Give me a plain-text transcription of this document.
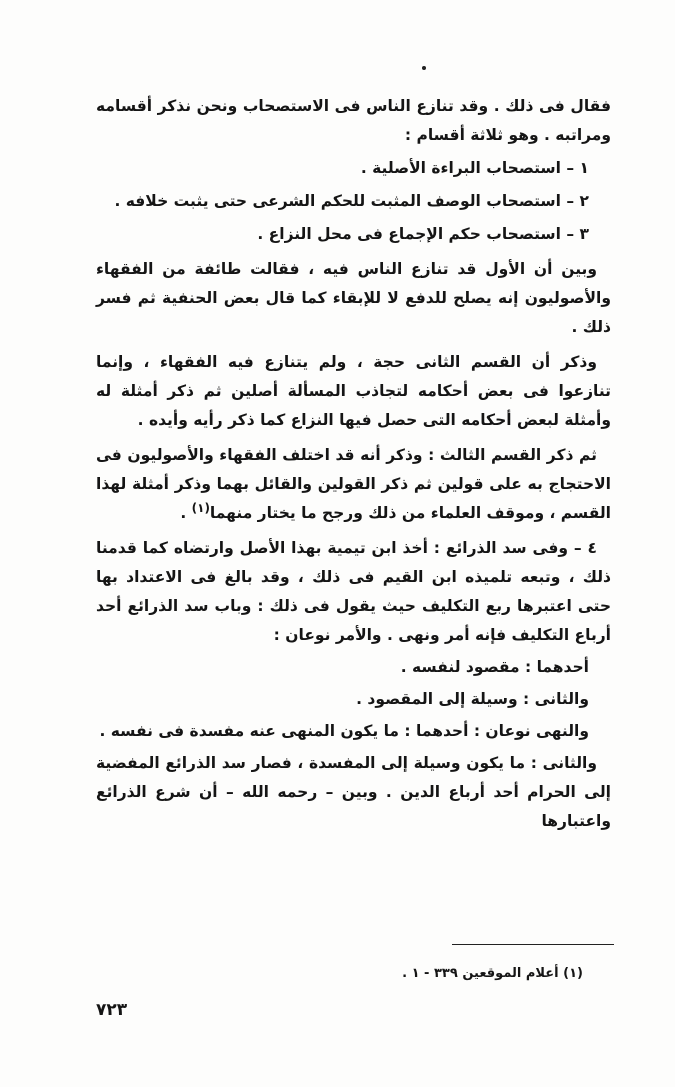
فقال فى ذلك . وقد تنازع الناس فى الاستصحاب ونحن نذكر أقسامه ومراتبه . وهو ثلاثة أقسام :

١ – استصحاب البراءة الأصلية .

٢ – استصحاب الوصف المثبت للحكم الشرعى حتى يثبت خلافه .

٣ – استصحاب حكم الإجماع فى محل النزاع .

وبين أن الأول قد تنازع الناس فيه ، فقالت طائفة من الفقهاء والأصوليون إنه يصلح للدفع لا للإبقاء كما قال بعض الحنفية ثم فسر ذلك .

وذكر أن القسم الثانى حجة ، ولم يتنازع فيه الفقهاء ، وإنما تنازعوا فى بعض أحكامه لتجاذب المسألة أصلين ثم ذكر أمثلة له وأمثلة لبعض أحكامه التى حصل فيها النزاع كما ذكر رأيه وأيده .

ثم ذكر القسم الثالث : وذكر أنه قد اختلف الفقهاء والأصوليون فى الاحتجاج به على قولين ثم ذكر القولين والقائل بهما وذكر أمثلة لهذا القسم ، وموقف العلماء من ذلك ورجح ما يختار منهما$^{(١)}$ .

٤ – وفى سد الذرائع : أخذ ابن تيمية بهذا الأصل وارتضاه كما قدمنا ذلك ، وتبعه تلميذه ابن القيم فى ذلك ، وقد بالغ فى الاعتداد بها حتى اعتبرها ربع التكليف حيث يقول فى ذلك : وباب سد الذرائع أحد أرباع التكليف فإنه أمر ونهى . والأمر نوعان :

أحدهما : مقصود لنفسه .

والثانى : وسيلة إلى المقصود .

والنهى نوعان : أحدهما : ما يكون المنهى عنه مفسدة فى نفسه .

والثانى : ما يكون وسيلة إلى المفسدة ، فصار سد الذرائع المفضية إلى الحرام أحد أرباع الدين . وبين – رحمه الله – أن شرع الذرائع واعتبارها

(١) أعلام الموقعين ٣٣٩ - ١ .
٧٢٣
